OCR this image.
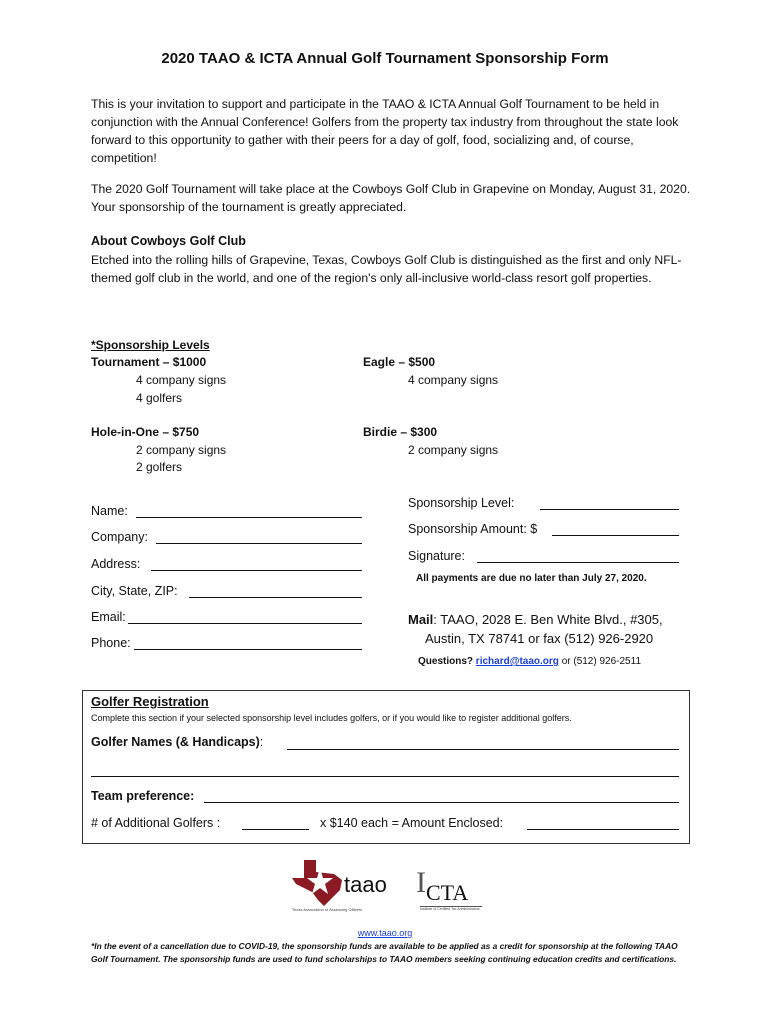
2020 TAAO & ICTA Annual Golf Tournament Sponsorship Form

This is your invitation to support and participate in the TAAO & ICTA Annual Golf Tournament to be held in conjunction with the Annual Conference! Golfers from the property tax industry from throughout the state look forward to this opportunity to gather with their peers for a day of golf, food, socializing and, of course, competition!

The 2020 Golf Tournament will take place at the Cowboys Golf Club in Grapevine on Monday, August 31, 2020. Your sponsorship of the tournament is greatly appreciated.

About Cowboys Golf Club

Etched into the rolling hills of Grapevine, Texas, Cowboys Golf Club is distinguished as the first and only NFL-themed golf club in the world, and one of the region's only all-inclusive world-class resort golf properties.

*Sponsorship Levels
Tournament – $1000
4 company signs
4 golfers
Eagle – $500
4 company signs
Hole-in-One – $750
2 company signs
2 golfers
Birdie – $300
2 company signs
Name:
Company:
Address:
City, State, ZIP:
Email:
Phone:
Sponsorship Level:
Sponsorship Amount: $
Signature:
All payments are due no later than July 27, 2020.
Mail: TAAO, 2028 E. Ben White Blvd., #305,
Austin, TX 78741 or fax (512) 926-2920
Questions? richard@taao.org or (512) 926-2511
Golfer Registration
Complete this section if your selected sponsorship level includes golfers, or if you would like to register additional golfers.
Golfer Names (& Handicaps):
Team preference:
# of Additional Golfers :	x $140 each = Amount Enclosed:
taao
Texas Association of Assessing Officers
I CTA
Institute of Certified Tax Administrators
www.taao.org
*In the event of a cancellation due to COVID-19, the sponsorship funds are available to be applied as a credit for sponsorship at the following TAAO Golf Tournament. The sponsorship funds are used to fund scholarships to TAAO members seeking continuing education credits and certifications.
